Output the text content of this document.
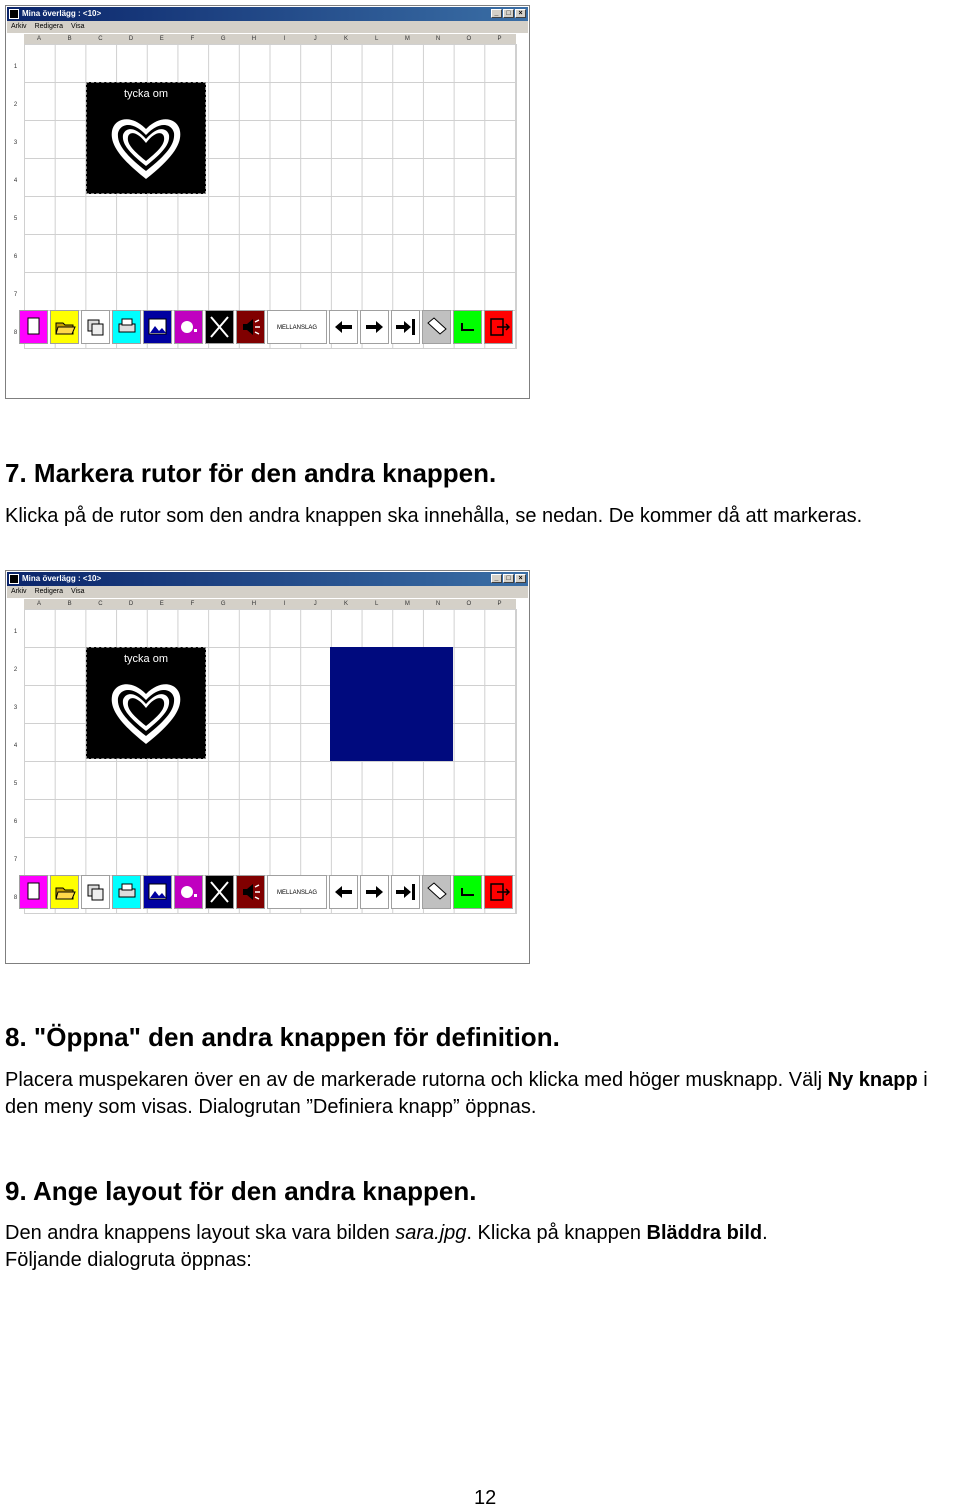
Mina överlägg : <10>	_	□	×
Arkiv Redigera Visa
A	B	C	D	E	F	G	H	I	J	K	L	M	N	O	P
1
2
3
4
5
6
7
8
tycka om
MELLANSLAG
7. Markera rutor för den andra knappen.

Klicka på de rutor som den andra knappen ska innehålla, se nedan. De kommer då att markeras.

Mina överlägg : <10>	_	□	×
Arkiv Redigera Visa
A	B	C	D	E	F	G	H	I	J	K	L	M	N	O	P
1
2
3
4
5
6
7
8
tycka om
MELLANSLAG
8. "Öppna" den andra knappen för definition.

Placera muspekaren över en av de markerade rutorna och klicka med höger musknapp. Välj Ny knapp i den meny som visas. Dialogrutan ”Definiera knapp” öppnas.

9. Ange layout för den andra knappen.

Den andra knappens layout ska vara bilden sara.jpg. Klicka på knappen Bläddra bild.
Följande dialogruta öppnas:

12
